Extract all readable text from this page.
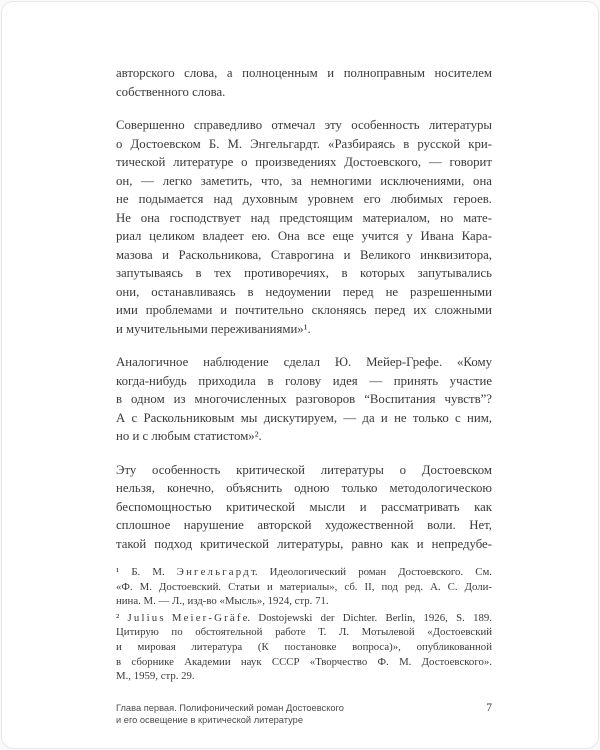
авторского слова, а полноценным и полноправным носителем
собственного слова.
Совершенно справедливо отмечал эту особенность литературы
о Достоевском Б. М. Энгельгардт. «Разбираясь в русской кри-
тической литературе о произведениях Достоевского, — говорит
он, — легко заметить, что, за немногими исключениями, она
не подымается над духовным уровнем его любимых героев.
Не она господствует над предстоящим материалом, но мате-
риал целиком владеет ею. Она все еще учится у Ивана Кара-
мазова и Раскольникова, Ставрогина и Великого инквизитора,
запутываясь в тех противоречиях, в которых запутывались
они, останавливаясь в недоумении перед не разрешенными
ими проблемами и почтительно склоняясь перед их сложными
и мучительными переживаниями»¹.
Аналогичное наблюдение сделал Ю. Мейер-Грефе. «Кому
когда-нибудь приходила в голову идея — принять участие
в одном из многочисленных разговоров “Воспитания чувств”?
А с Раскольниковым мы дискутируем, — да и не только с ним,
но и с любым статистом»².
Эту особенность критической литературы о Достоевском
нельзя, конечно, объяснить одною только методологическою
беспомощностью критической мысли и рассматривать как
сплошное нарушение авторской художественной воли. Нет,
такой подход критической литературы, равно как и непредубе-
¹ Б. М. Э н г е л ь г а р д т. Идеологический роман Достоевского. См.
«Ф. М. Достоевский. Статьи и материалы», сб. II, под ред. А. С. Доли-
нина. М. — Л., изд-во «Мысль», 1924, стр. 71.
² J u l i u s M e i e r - G r ä f e. Dostojewski der Dichter. Berlin, 1926, S. 189.
Цитирую по обстоятельной работе Т. Л. Мотылевой «Достоевский
и мировая литература (К постановке вопроса)», опубликованной
в сборнике Академии наук СССР «Творчество Ф. М. Достоевского».
М., 1959, стр. 29.
Глава первая. Полифонический роман Достоевского
и его освещение в критической литературе
7
